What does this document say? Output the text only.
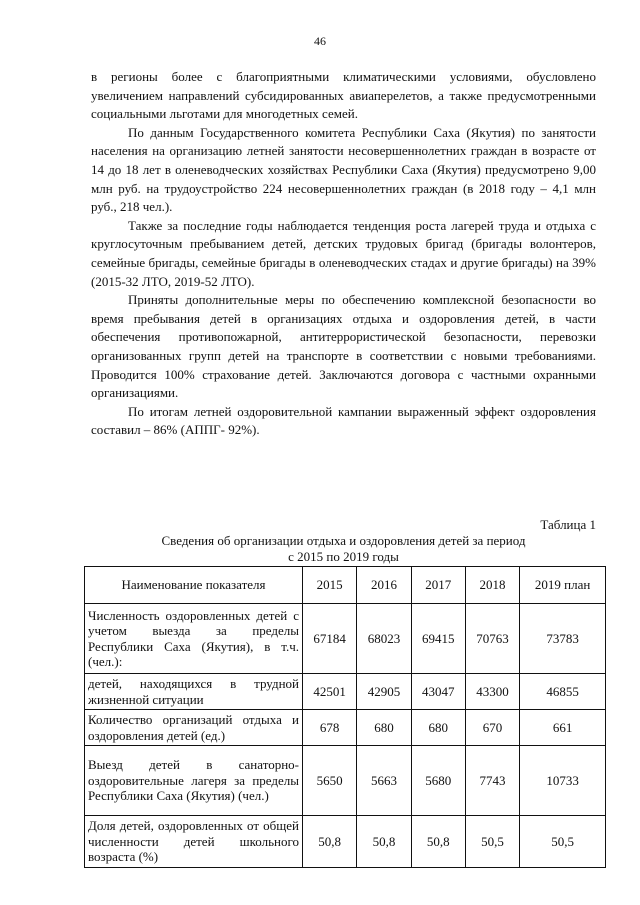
46

в регионы более с благоприятными климатическими условиями, обусловлено увеличением направлений субсидированных авиаперелетов, а также предусмотренными социальными льготами для многодетных семей.

По данным Государственного комитета Республики Саха (Якутия) по занятости населения на организацию летней занятости несовершеннолетних граждан в возрасте от 14 до 18 лет в оленеводческих хозяйствах Республики Саха (Якутия) предусмотрено 9,00 млн руб. на трудоустройство 224 несовершеннолетних граждан (в 2018 году – 4,1 млн руб., 218 чел.).

Также за последние годы наблюдается тенденция роста лагерей труда и отдыха с круглосуточным пребыванием детей, детских трудовых бригад (бригады волонтеров, семейные бригады, семейные бригады в оленеводческих стадах и другие бригады) на 39% (2015-32 ЛТО, 2019-52 ЛТО).

Приняты дополнительные меры по обеспечению комплексной безопасности во время пребывания детей в организациях отдыха и оздоровления детей, в части обеспечения противопожарной, антитеррористической безопасности, перевозки организованных групп детей на транспорте в соответствии с новыми требованиями. Проводится 100% страхование детей. Заключаются договора с частными охранными организациями.

По итогам летней оздоровительной кампании выраженный эффект оздоровления составил – 86% (АППГ- 92%).

Таблица 1
Сведения об организации отдыха и оздоровления детей за период
с 2015 по 2019 годы
Наименование показателя	2015	2016	2017	2018	2019 план
Численность оздоровленных детей с учетом выезда за пределы Республики Саха (Якутия), в т.ч. (чел.):	67184	68023	69415	70763	73783
детей, находящихся в трудной жизненной ситуации	42501	42905	43047	43300	46855
Количество организаций отдыха и оздоровления детей (ед.)	678	680	680	670	661
Выезд детей в санаторно-оздоровительные лагеря за пределы Республики Саха (Якутия) (чел.)	5650	5663	5680	7743	10733
Доля детей, оздоровленных от общей численности детей школьного возраста (%)	50,8	50,8	50,8	50,5	50,5
